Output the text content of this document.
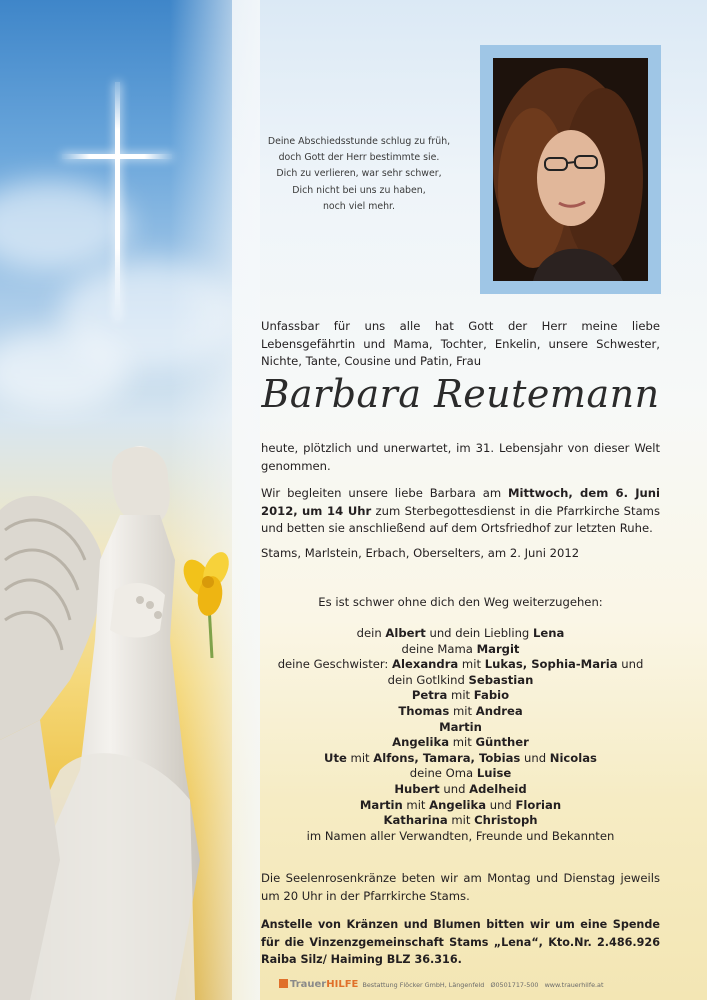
Deine Abschiedsstunde schlug zu früh,
doch Gott der Herr bestimmte sie.
Dich zu verlieren, war sehr schwer,
Dich nicht bei uns zu haben,
noch viel mehr.
Unfassbar für uns alle hat Gott der Herr meine liebe Lebensgefährtin und Mama, Tochter, Enkelin, unsere Schwester, Nichte, Tante, Cousine und Patin, Frau
Barbara Reutemann
heute, plötzlich und unerwartet, im 31. Lebensjahr von dieser Welt genommen.
Wir begleiten unsere liebe Barbara am Mittwoch, dem 6. Juni 2012, um 14 Uhr zum Sterbegottesdienst in die Pfarrkirche Stams und betten sie anschließend auf dem Ortsfriedhof zur letzten Ruhe.
Stams, Marlstein, Erbach, Oberselters, am 2. Juni 2012
Es ist schwer ohne dich den Weg weiterzugehen:
dein Albert und dein Liebling Lena
deine Mama Margit
deine Geschwister: Alexandra mit Lukas, Sophia-Maria und
dein Gotlkind Sebastian
Petra mit Fabio
Thomas mit Andrea
Martin
Angelika mit Günther
Ute mit Alfons, Tamara, Tobias und Nicolas
deine Oma Luise
Hubert und Adelheid
Martin mit Angelika und Florian
Katharina mit Christoph
im Namen aller Verwandten, Freunde und Bekannten
Die Seelenrosenkränze beten wir am Montag und Dienstag jeweils um 20 Uhr in der Pfarrkirche Stams.
Anstelle von Kränzen und Blumen bitten wir um eine Spende für die Vinzenzgemeinschaft Stams „Lena“, Kto.Nr. 2.486.926 Raiba Silz/ Haiming BLZ 36.316.
TrauerHILFE Bestattung Flöcker GmbH, Längenfeld Ø0501717-500 www.trauerhilfe.at
